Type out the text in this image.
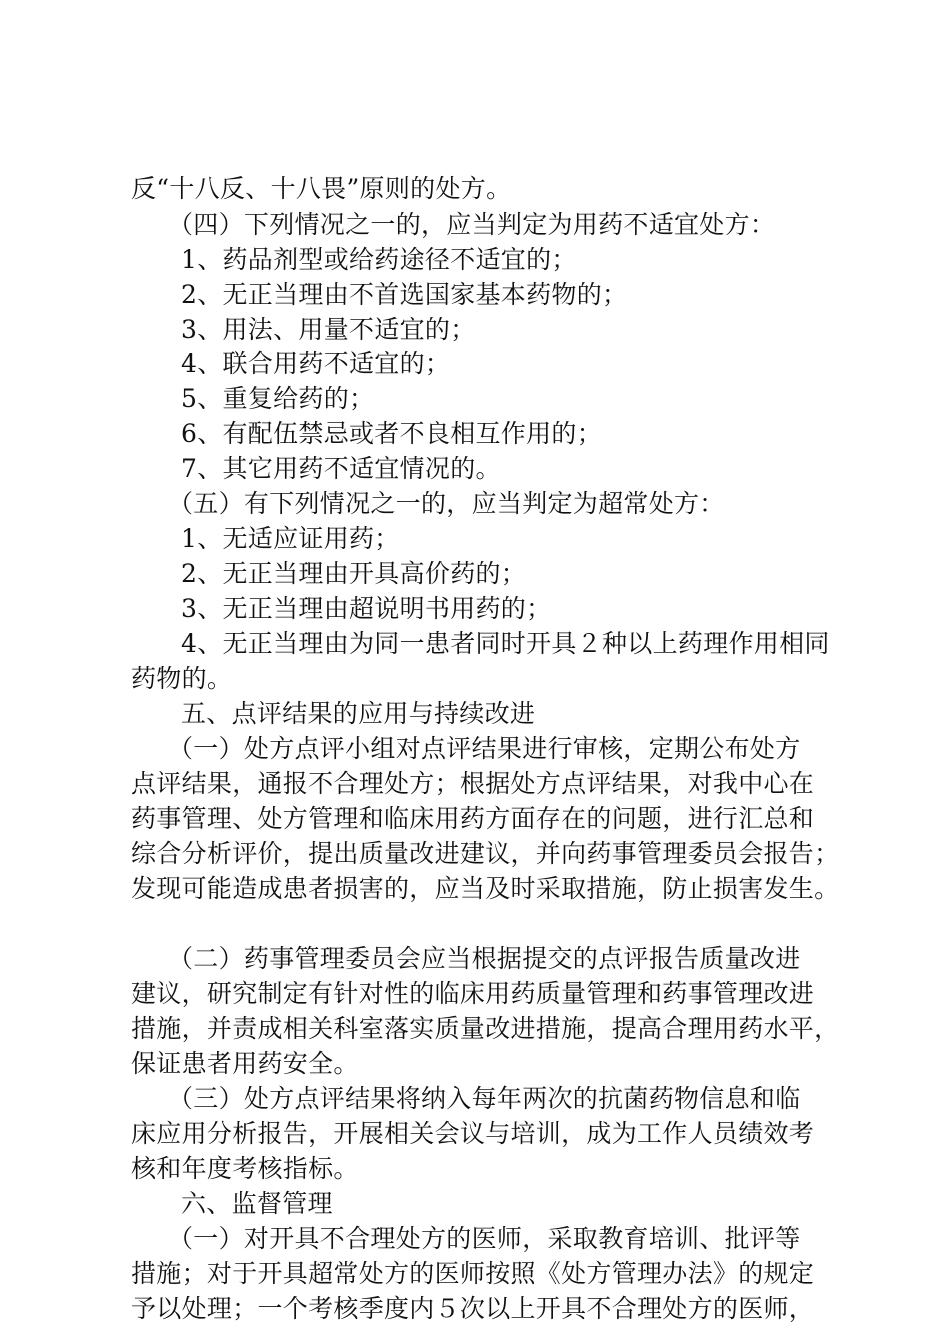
反“十八反、十八畏”原则的处方。
（四）下列情况之一的，应当判定为用药不适宜处方：
1、药品剂型或给药途径不适宜的；
2、无正当理由不首选国家基本药物的；
3、用法、用量不适宜的；
4、联合用药不适宜的；
5、重复给药的；
6、有配伍禁忌或者不良相互作用的；
7、其它用药不适宜情况的。
（五）有下列情况之一的，应当判定为超常处方：
1、无适应证用药；
2、无正当理由开具高价药的；
3、无正当理由超说明书用药的；
4、无正当理由为同一患者同时开具２种以上药理作用相同
药物的。
五、点评结果的应用与持续改进
（一）处方点评小组对点评结果进行审核，定期公布处方
点评结果，通报不合理处方；根据处方点评结果，对我中心在
药事管理、处方管理和临床用药方面存在的问题，进行汇总和
综合分析评价，提出质量改进建议，并向药事管理委员会报告；
发现可能造成患者损害的，应当及时采取措施，防止损害发生。
（二）药事管理委员会应当根据提交的点评报告质量改进
建议，研究制定有针对性的临床用药质量管理和药事管理改进
措施，并责成相关科室落实质量改进措施，提高合理用药水平，
保证患者用药安全。
（三）处方点评结果将纳入每年两次的抗菌药物信息和临
床应用分析报告，开展相关会议与培训，成为工作人员绩效考
核和年度考核指标。
六、监督管理
（一）对开具不合理处方的医师，采取教育培训、批评等
措施；对于开具超常处方的医师按照《处方管理办法》的规定
予以处理；一个考核季度内５次以上开具不合理处方的医师，
